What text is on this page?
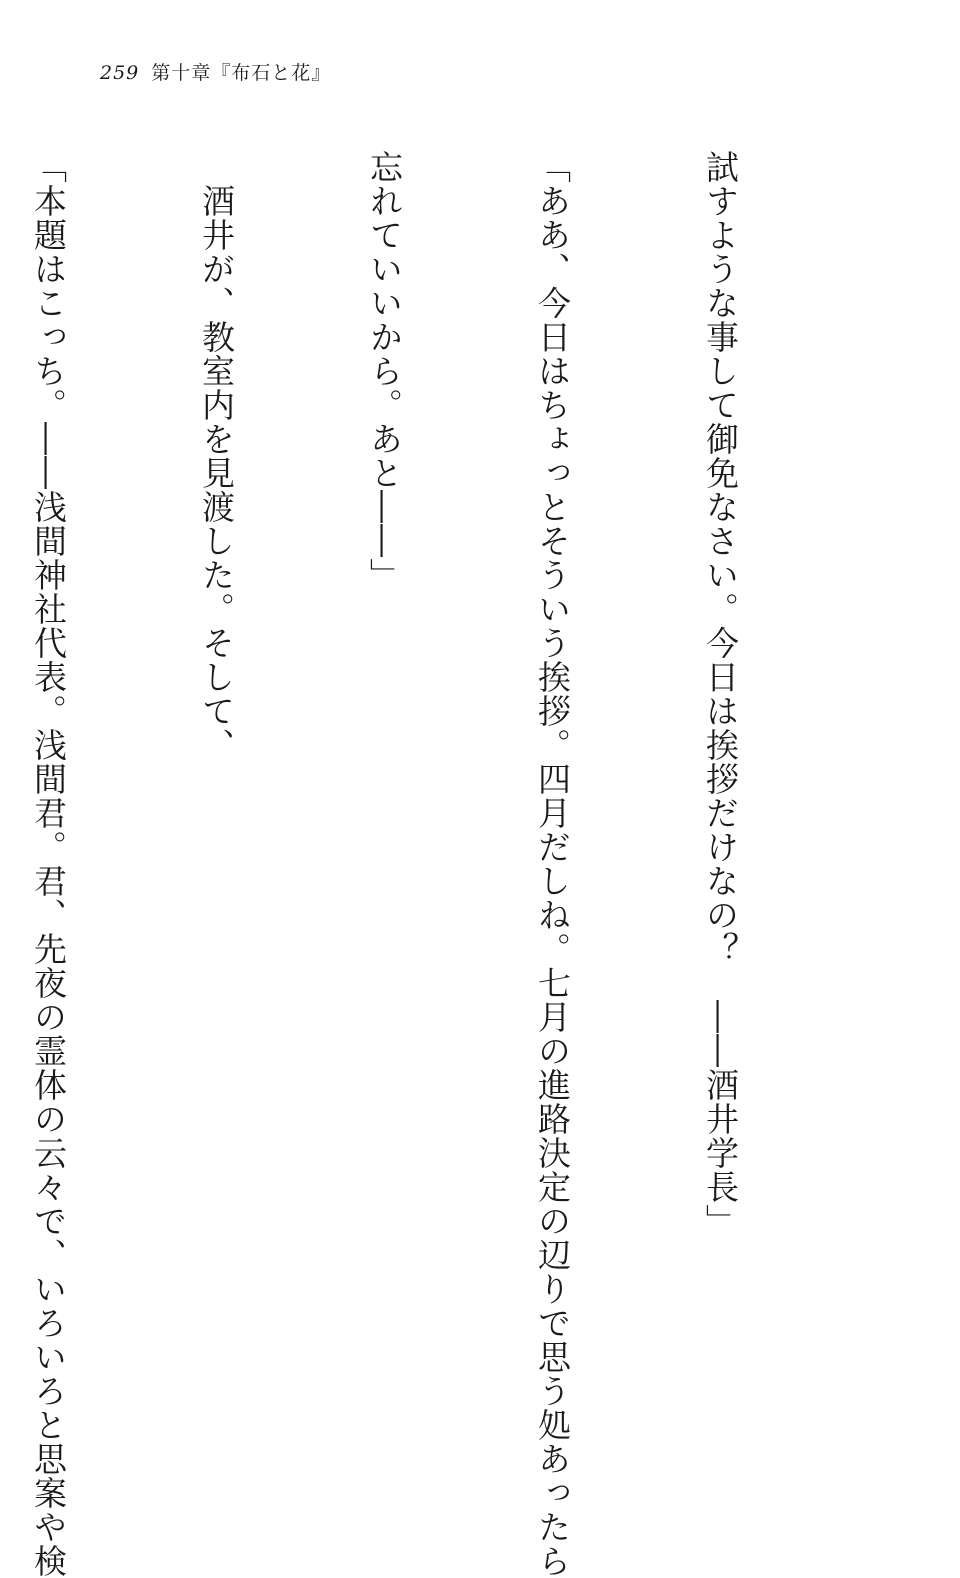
259 第十章『布石と花』

試すような事して御免なさい。今日は挨拶だけなの？　――酒井学長」

「ああ、今日はちょっとそういう挨拶。四月だしね。七月の進路決定の辺りで思う処あったら

忘れていいから。あと――」

　酒井が、教室内を見渡した。そして、

「本題はこっち。――浅間神社代表。浅間君。君、先夜の霊体の云々で、いろいろと思案や検
